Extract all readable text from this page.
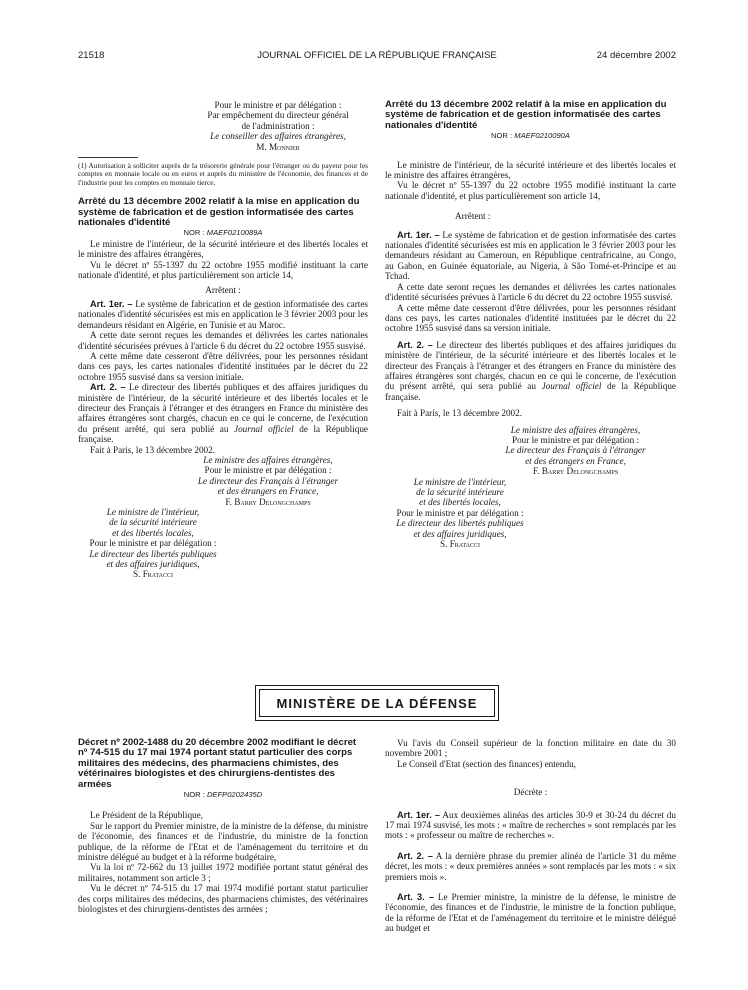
21518	JOURNAL OFFICIEL DE LA RÉPUBLIQUE FRANÇAISE	24 décembre 2002

Pour le ministre et par délégation :

Par empêchement du directeur général

de l'administration :

Le conseiller des affaires étrangères,

M. Monnier

(1) Autorisation à solliciter auprès de la trésorerie générale pour l'étranger ou du payeur pour les comptes en monnaie locale ou en euros et auprès du ministère de l'économie, des finances et de l'industrie pour les comptes en monnaie tierce.

Arrêté du 13 décembre 2002 relatif à la mise en application du système de fabrication et de gestion informatisée des cartes nationales d'identité

NOR : MAEF0210089A

Le ministre de l'intérieur, de la sécurité intérieure et des libertés locales et le ministre des affaires étrangères,

Vu le décret nº 55-1397 du 22 octobre 1955 modifié instituant la carte nationale d'identité, et plus particulièrement son article 14,

Arrêtent :

Art. 1er. – Le système de fabrication et de gestion informatisée des cartes nationales d'identité sécurisées est mis en application le 3 février 2003 pour les demandeurs résidant en Algérie, en Tunisie et au Maroc.

A cette date seront reçues les demandes et délivrées les cartes nationales d'identité sécurisées prévues à l'article 6 du décret du 22 octobre 1955 susvisé.

A cette même date cesseront d'être délivrées, pour les personnes résidant dans ces pays, les cartes nationales d'identité instituées par le décret du 22 octobre 1955 susvisé dans sa version initiale.

Art. 2. – Le directeur des libertés publiques et des affaires juridiques du ministère de l'intérieur, de la sécurité intérieure et des libertés locales et le directeur des Français à l'étranger et des étrangers en France du ministère des affaires étrangères sont chargés, chacun en ce qui le concerne, de l'exécution du présent arrêté, qui sera publié au Journal officiel de la République française.

Fait à Paris, le 13 décembre 2002.

Le ministre des affaires étrangères,

Pour le ministre et par délégation :

Le directeur des Français à l'étranger

et des étrangers en France,

F. Barry Delongchamps

Le ministre de l'intérieur,

de la sécurité intérieure

et des libertés locales,

Pour le ministre et par délégation :

Le directeur des libertés publiques

et des affaires juridiques,

S. Fratacci

Arrêté du 13 décembre 2002 relatif à la mise en application du système de fabrication et de gestion informatisée des cartes nationales d'identité

NOR : MAEF0210090A

Le ministre de l'intérieur, de la sécurité intérieure et des libertés locales et le ministre des affaires étrangères,

Vu le décret nº 55-1397 du 22 octobre 1955 modifié instituant la carte nationale d'identité, et plus particulièrement son article 14,

Arrêtent :

Art. 1er. – Le système de fabrication et de gestion informatisée des cartes nationales d'identité sécurisées est mis en application le 3 février 2003 pour les demandeurs résidant au Cameroun, en République centrafricaine, au Congo, au Gabon, en Guinée équatoriale, au Nigeria, à São Tomé-et-Principe et au Tchad.

A cette date seront reçues les demandes et délivrées les cartes nationales d'identité sécurisées prévues à l'article 6 du décret du 22 octobre 1955 susvisé.

A cette même date cesseront d'être délivrées, pour les personnes résidant dans ces pays, les cartes nationales d'identité instituées par le décret du 22 octobre 1955 susvisé dans sa version initiale.

Art. 2. – Le directeur des libertés publiques et des affaires juridiques du ministère de l'intérieur, de la sécurité intérieure et des libertés locales et le directeur des Français à l'étranger et des étrangers en France du ministère des affaires étrangères sont chargés, chacun en ce qui le concerne, de l'exécution du présent arrêté, qui sera publié au Journal officiel de la République française.

Fait à Paris, le 13 décembre 2002.

Le ministre des affaires étrangères,

Pour le ministre et par délégation :

Le directeur des Français à l'étranger

et des étrangers en France,

F. Barry Delongchamps

Le ministre de l'intérieur,

de la sécurité intérieure

et des libertés locales,

Pour le ministre et par délégation :

Le directeur des libertés publiques

et des affaires juridiques,

S. Fratacci

MINISTÈRE DE LA DÉFENSE

Décret nº 2002-1488 du 20 décembre 2002 modifiant le décret nº 74-515 du 17 mai 1974 portant statut particulier des corps militaires des médecins, des pharmaciens chimistes, des vétérinaires biologistes et des chirurgiens-dentistes des armées

NOR : DEFP0202435D

Le Président de la République,

Sur le rapport du Premier ministre, de la ministre de la défense, du ministre de l'économie, des finances et de l'industrie, du ministre de la fonction publique, de la réforme de l'Etat et de l'aménagement du territoire et du ministre délégué au budget et à la réforme budgétaire,

Vu la loi nº 72-662 du 13 juillet 1972 modifiée portant statut général des militaires, notamment son article 3 ;

Vu le décret nº 74-515 du 17 mai 1974 modifié portant statut particulier des corps militaires des médecins, des pharmaciens chimistes, des vétérinaires biologistes et des chirurgiens-dentistes des armées ;

Vu l'avis du Conseil supérieur de la fonction militaire en date du 30 novembre 2001 ;

Le Conseil d'Etat (section des finances) entendu,

Décrète :

Art. 1er. – Aux deuxièmes alinéas des articles 30-9 et 30-24 du décret du 17 mai 1974 susvisé, les mots : « maître de recherches » sont remplacés par les mots : « professeur ou maître de recherches ».

Art. 2. – A la dernière phrase du premier alinéa de l'article 31 du même décret, les mots : « deux premières années » sont remplacés par les mots : « six premiers mois ».

Art. 3. – Le Premier ministre, la ministre de la défense, le ministre de l'économie, des finances et de l'industrie, le ministre de la fonction publique, de la réforme de l'Etat et de l'aménagement du territoire et le ministre délégué au budget et
